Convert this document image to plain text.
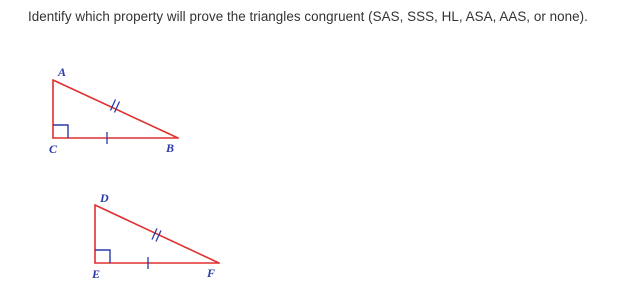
Identify which property will prove the triangles congruent (SAS, SSS, HL, ASA, AAS, or none).
A
C	B
D
E	F
